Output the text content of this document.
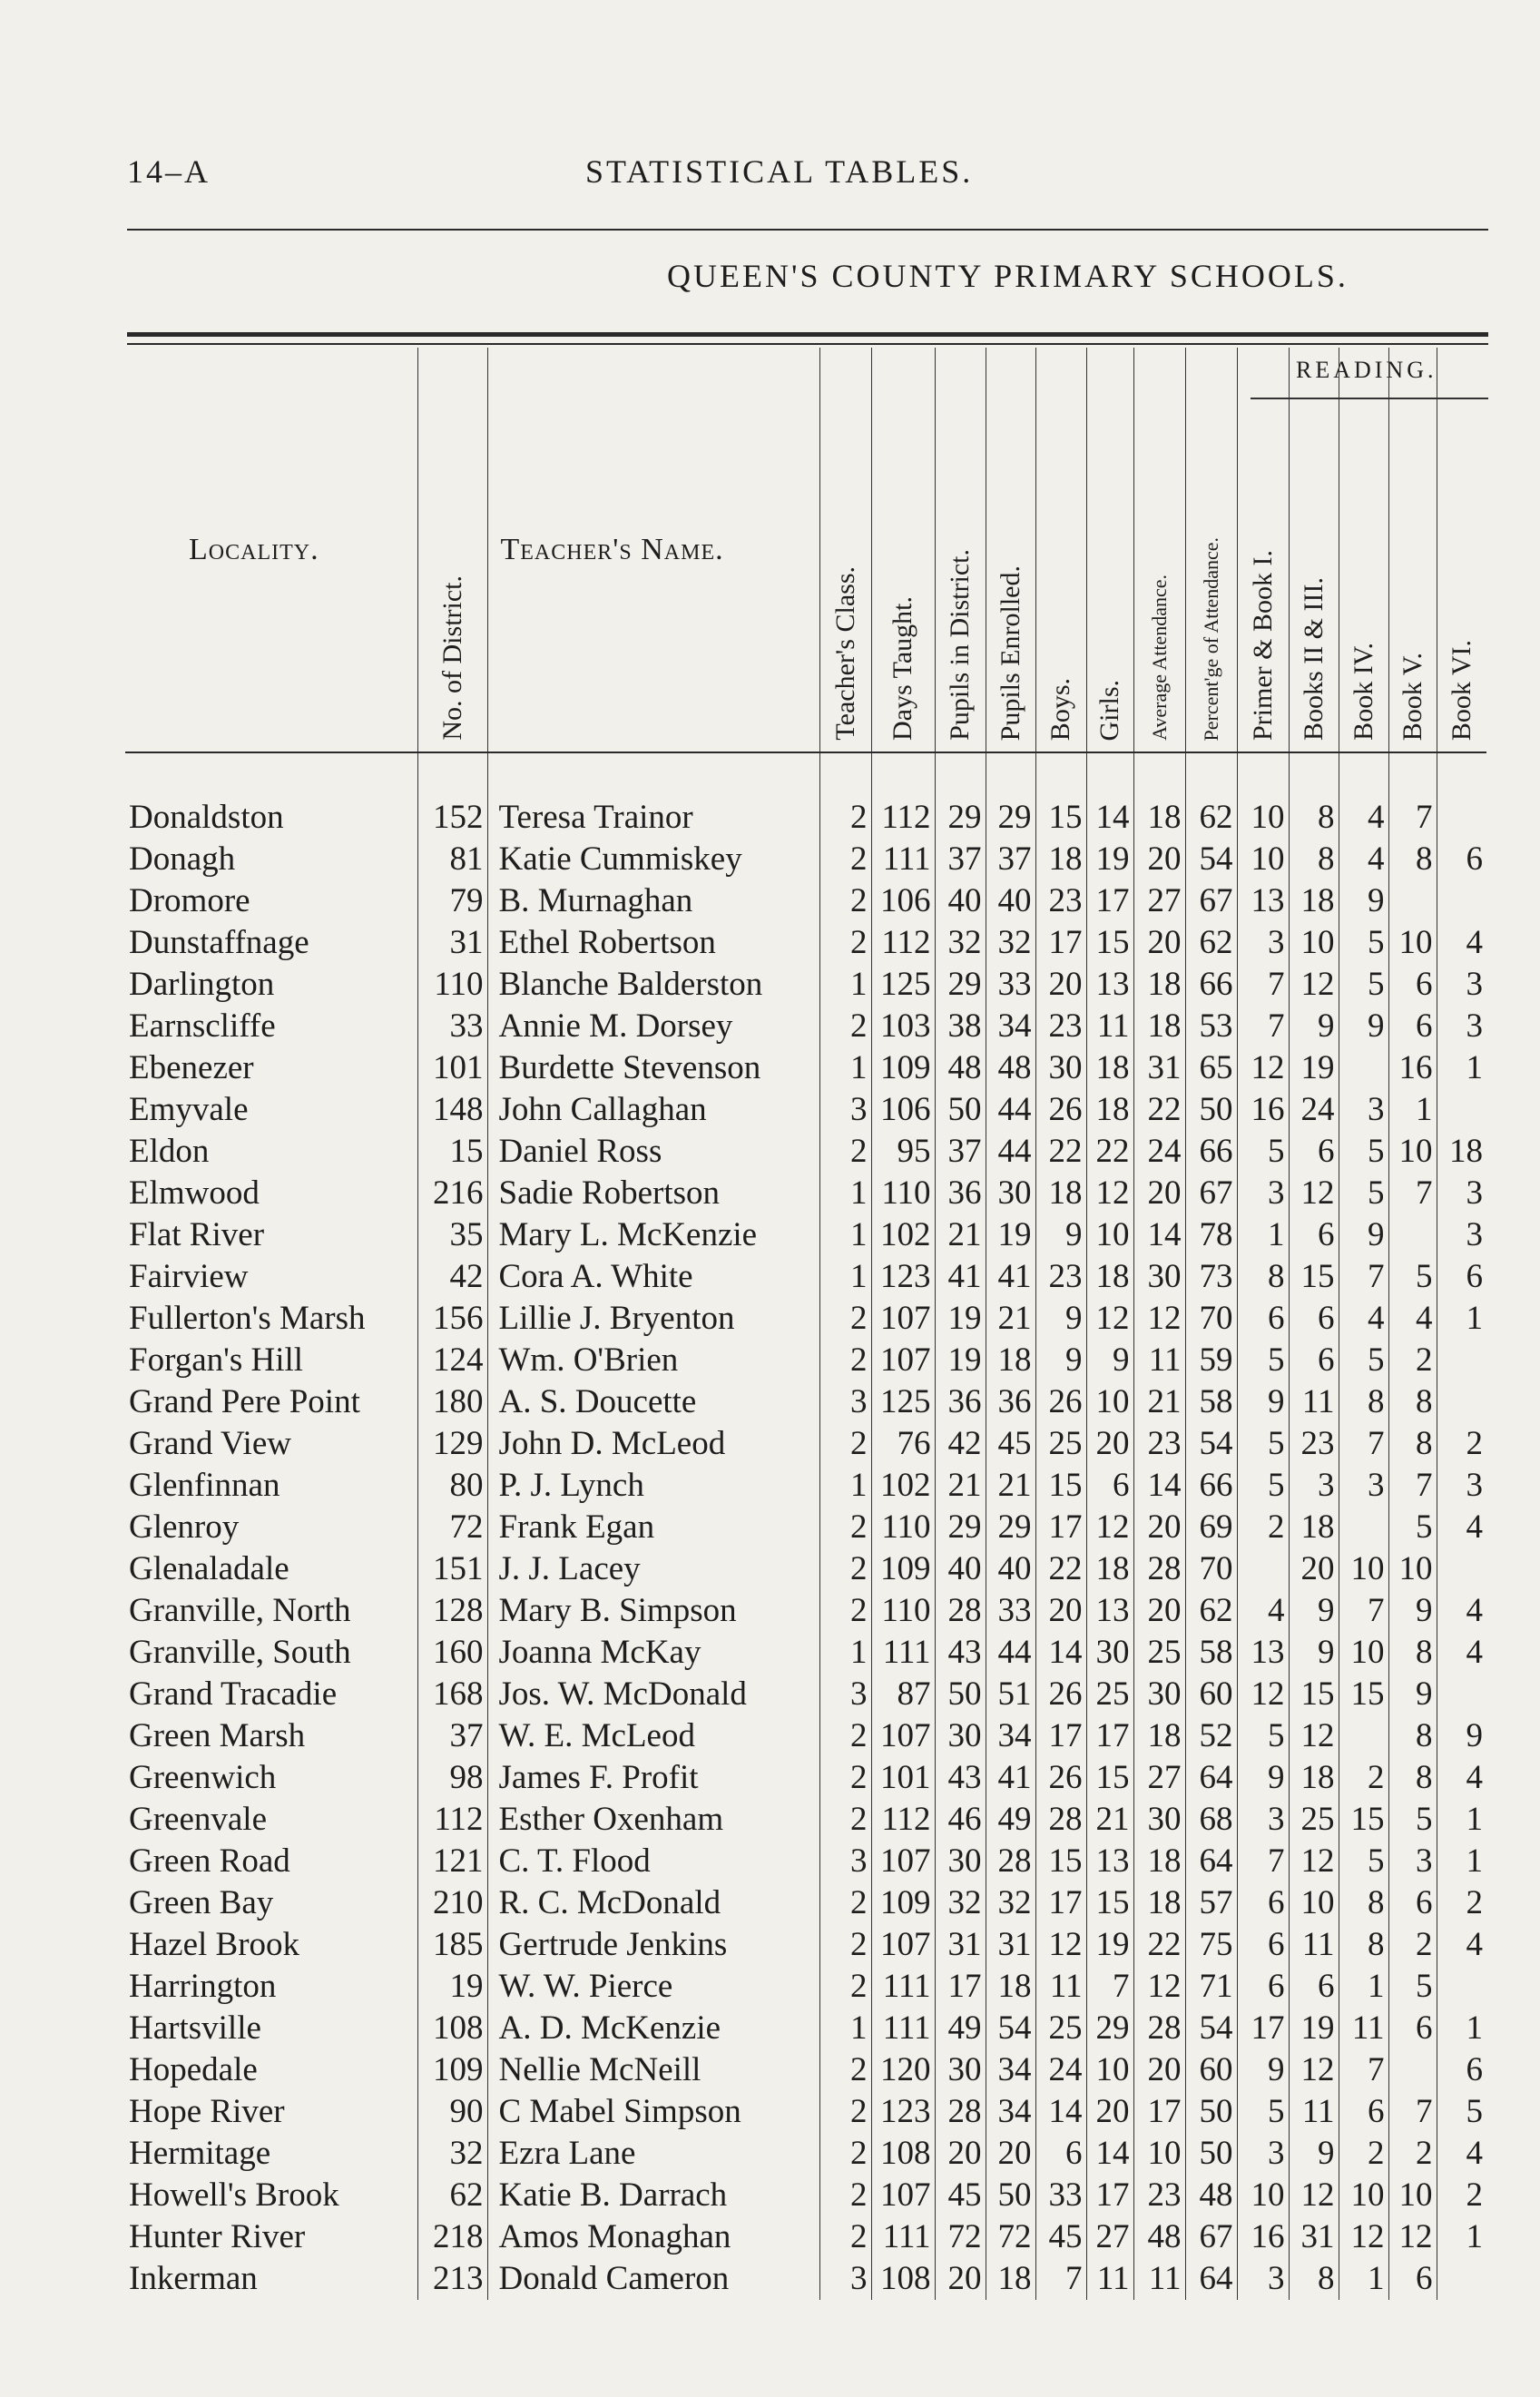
14–A	STATISTICAL TABLES.
QUEEN'S COUNTY PRIMARY SCHOOLS.
READING.
Locality.	No. of District.	Teacher's Name.	Teacher's Class.	Days Taught.	Pupils in District.	Pupils Enrolled.	Boys.	Girls.	Average Attendance.	Percent'ge of Attendance.	Primer & Book I.	Books II & III.	Book IV.	Book V.	Book VI.
Donaldston	152	Teresa Trainor	2	112	29	29	15	14	18	62	10	8	4	7	
Donagh	81	Katie Cummiskey	2	111	37	37	18	19	20	54	10	8	4	8	6
Dromore	79	B. Murnaghan	2	106	40	40	23	17	27	67	13	18	9		
Dunstaffnage	31	Ethel Robertson	2	112	32	32	17	15	20	62	3	10	5	10	4
Darlington	110	Blanche Balderston	1	125	29	33	20	13	18	66	7	12	5	6	3
Earnscliffe	33	Annie M. Dorsey	2	103	38	34	23	11	18	53	7	9	9	6	3
Ebenezer	101	Burdette Stevenson	1	109	48	48	30	18	31	65	12	19		16	1
Emyvale	148	John Callaghan	3	106	50	44	26	18	22	50	16	24	3	1	
Eldon	15	Daniel Ross	2	95	37	44	22	22	24	66	5	6	5	10	18
Elmwood	216	Sadie Robertson	1	110	36	30	18	12	20	67	3	12	5	7	3
Flat River	35	Mary L. McKenzie	1	102	21	19	9	10	14	78	1	6	9		3
Fairview	42	Cora A. White	1	123	41	41	23	18	30	73	8	15	7	5	6
Fullerton's Marsh	156	Lillie J. Bryenton	2	107	19	21	9	12	12	70	6	6	4	4	1
Forgan's Hill	124	Wm. O'Brien	2	107	19	18	9	9	11	59	5	6	5	2	
Grand Pere Point	180	A. S. Doucette	3	125	36	36	26	10	21	58	9	11	8	8	
Grand View	129	John D. McLeod	2	76	42	45	25	20	23	54	5	23	7	8	2
Glenfinnan	80	P. J. Lynch	1	102	21	21	15	6	14	66	5	3	3	7	3
Glenroy	72	Frank Egan	2	110	29	29	17	12	20	69	2	18		5	4
Glenaladale	151	J. J. Lacey	2	109	40	40	22	18	28	70		20	10	10	
Granville, North	128	Mary B. Simpson	2	110	28	33	20	13	20	62	4	9	7	9	4
Granville, South	160	Joanna McKay	1	111	43	44	14	30	25	58	13	9	10	8	4
Grand Tracadie	168	Jos. W. McDonald	3	87	50	51	26	25	30	60	12	15	15	9	
Green Marsh	37	W. E. McLeod	2	107	30	34	17	17	18	52	5	12		8	9
Greenwich	98	James F. Profit	2	101	43	41	26	15	27	64	9	18	2	8	4
Greenvale	112	Esther Oxenham	2	112	46	49	28	21	30	68	3	25	15	5	1
Green Road	121	C. T. Flood	3	107	30	28	15	13	18	64	7	12	5	3	1
Green Bay	210	R. C. McDonald	2	109	32	32	17	15	18	57	6	10	8	6	2
Hazel Brook	185	Gertrude Jenkins	2	107	31	31	12	19	22	75	6	11	8	2	4
Harrington	19	W. W. Pierce	2	111	17	18	11	7	12	71	6	6	1	5	
Hartsville	108	A. D. McKenzie	1	111	49	54	25	29	28	54	17	19	11	6	1
Hopedale	109	Nellie McNeill	2	120	30	34	24	10	20	60	9	12	7		6
Hope River	90	C Mabel Simpson	2	123	28	34	14	20	17	50	5	11	6	7	5
Hermitage	32	Ezra Lane	2	108	20	20	6	14	10	50	3	9	2	2	4
Howell's Brook	62	Katie B. Darrach	2	107	45	50	33	17	23	48	10	12	10	10	2
Hunter River	218	Amos Monaghan	2	111	72	72	45	27	48	67	16	31	12	12	1
Inkerman	213	Donald Cameron	3	108	20	18	7	11	11	64	3	8	1	6	
